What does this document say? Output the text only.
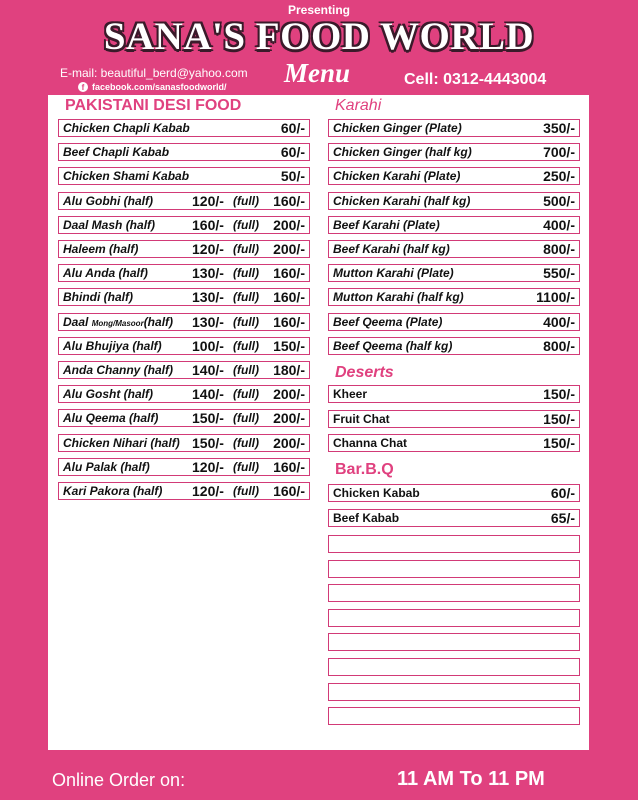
Presenting
SANA'S FOOD WORLD
E-mail: beautiful_berd@yahoo.com
f facebook.com/sanasfoodworld/ Menu	Cell: 0312-4443004
PAKISTANI DESI FOOD
Chicken Chapli Kabab	60/-
Beef Chapli Kabab	60/-
Chicken Shami Kabab	50/-
Alu Gobhi (half)	120/- (full) 160/-
Daal Mash (half)	160/- (full) 200/-
Haleem (half)	120/- (full) 200/-
Alu Anda (half)	130/- (full) 160/-
Bhindi (half)	130/- (full) 160/-
Daal Mong/Masoor(half) 130/- (full) 160/-
Alu Bhujiya (half) 100/- (full) 150/-
Anda Channy (half) 140/- (full) 180/-
Alu Gosht (half)	140/- (full) 200/-
Alu Qeema (half) 150/- (full) 200/-
Chicken Nihari (half) 150/- (full) 200/-
Alu Palak (half)	120/- (full) 160/-
Kari Pakora (half) 120/- (full) 160/-
Karahi
Chicken Ginger (Plate)	350/-
Chicken Ginger (half kg)	700/-
Chicken Karahi (Plate)	250/-
Chicken Karahi (half kg)	500/-
Beef Karahi (Plate)	400/-
Beef Karahi (half kg)	800/-
Mutton Karahi (Plate)	550/-
Mutton Karahi (half kg)	1100/-
Beef Qeema (Plate)	400/-
Beef Qeema (half kg)	800/-
Deserts
Kheer	150/-
Fruit Chat	150/-
Channa Chat	150/-
Bar.B.Q
Chicken Kabab	60/-
Beef Kabab	65/-
Online Order on:	11 AM To 11 PM
